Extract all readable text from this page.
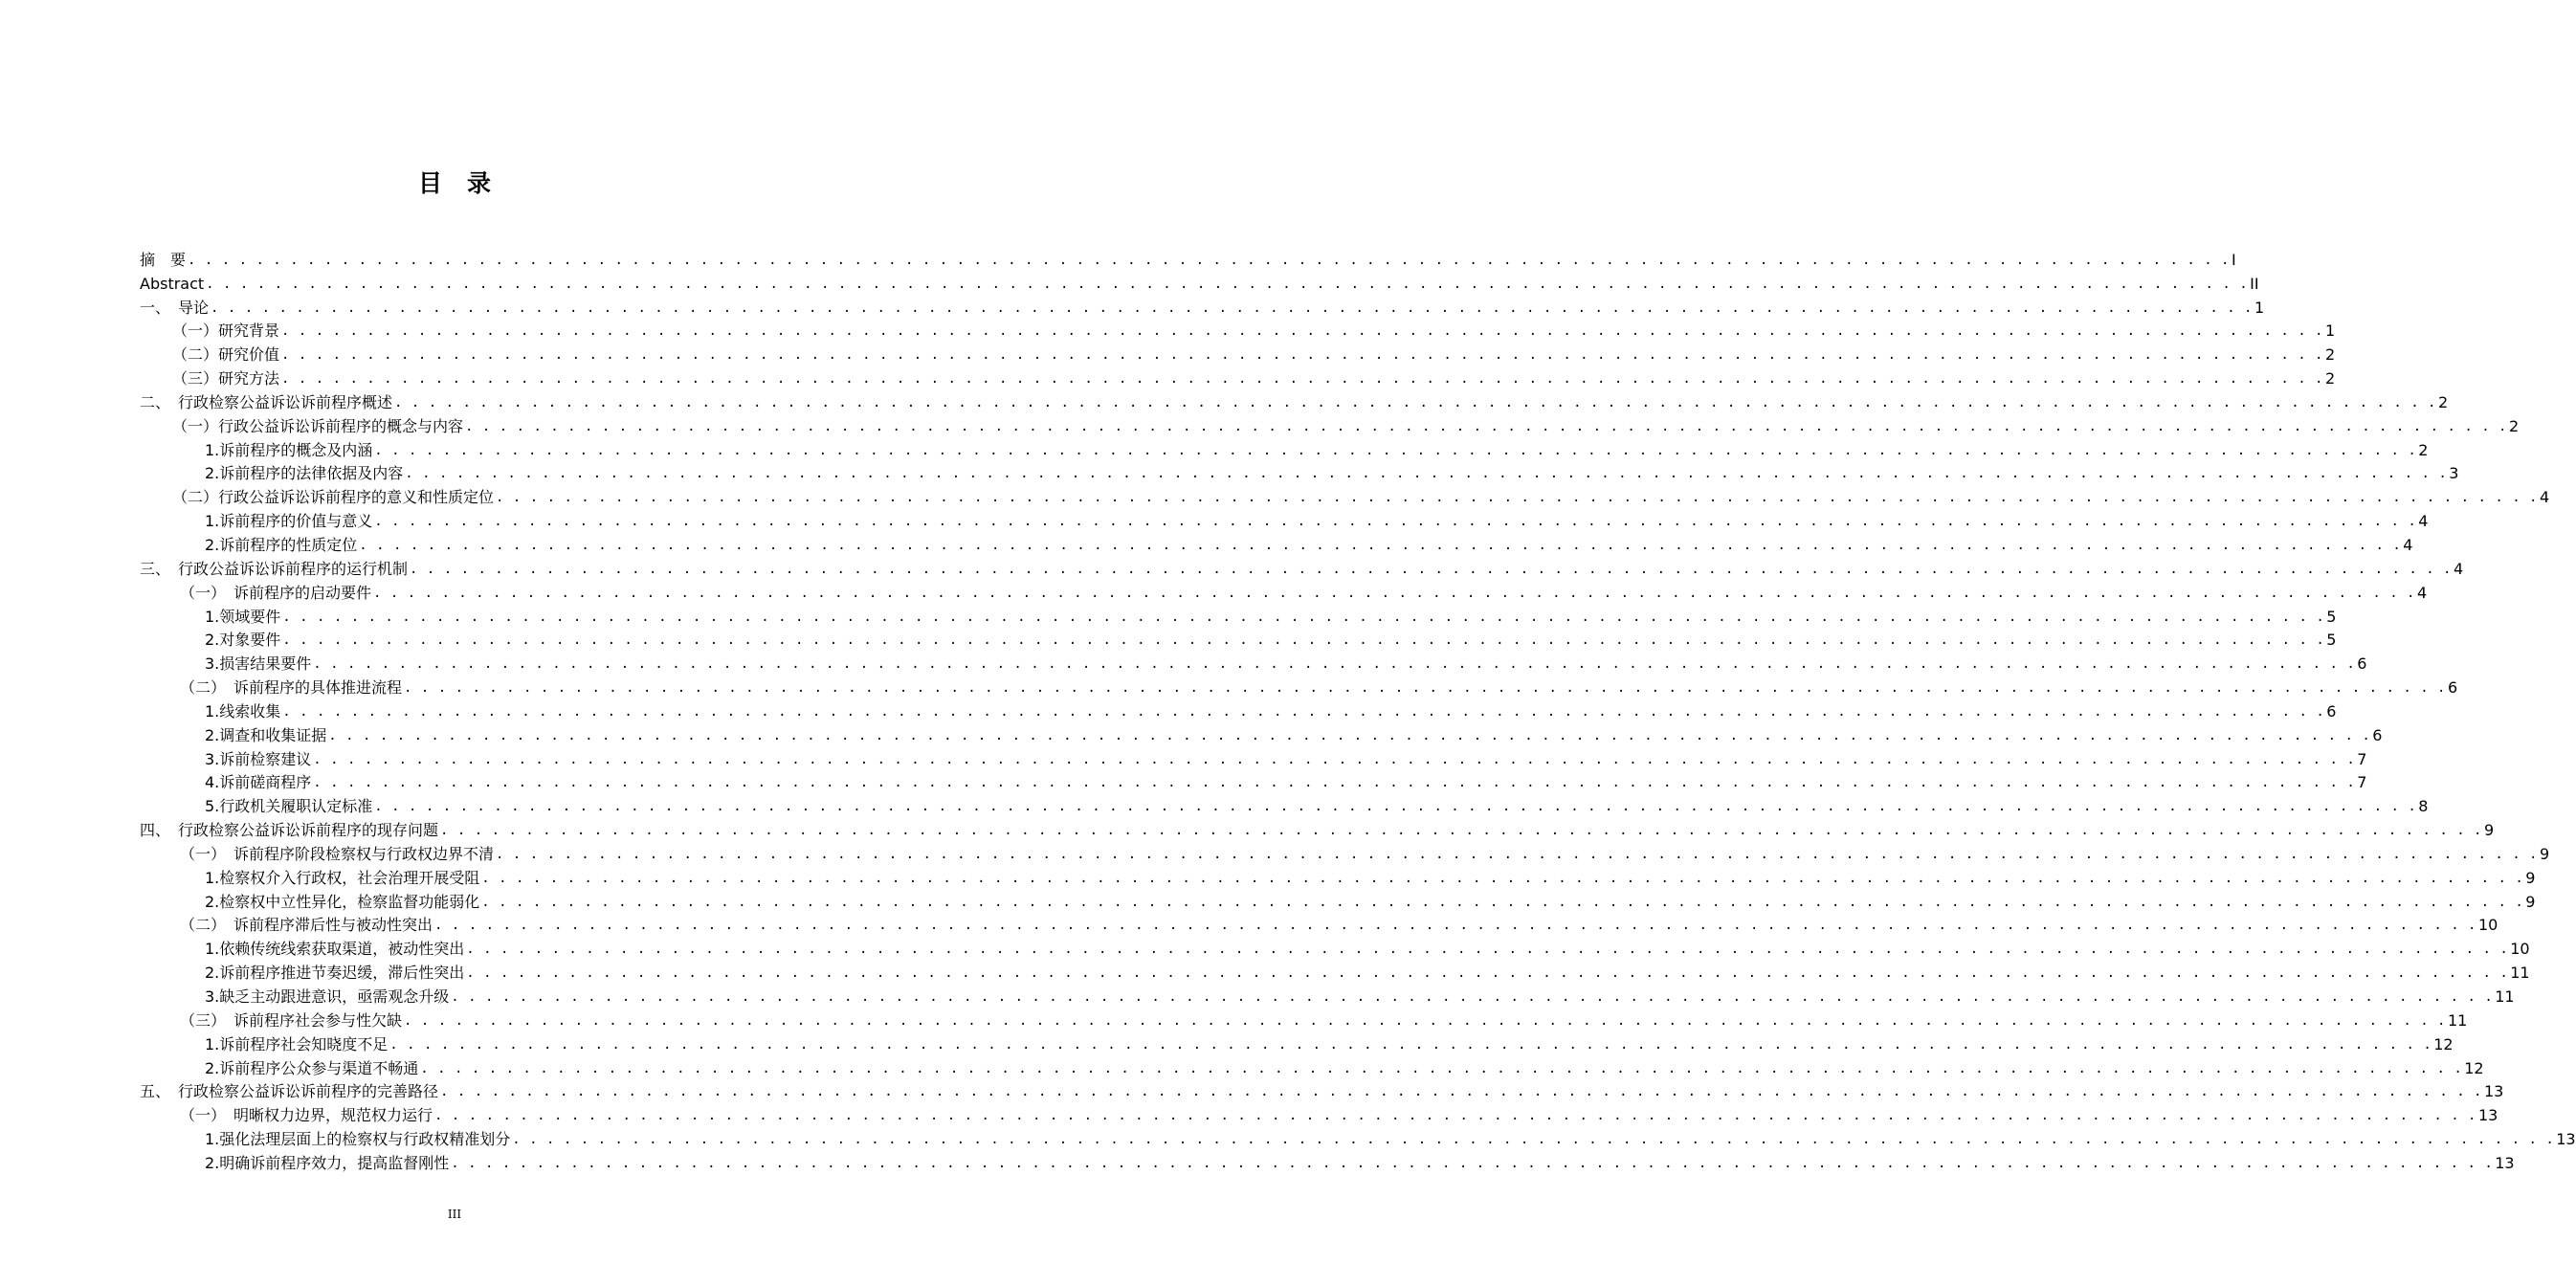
目 录
摘　要 . . . . . . . . . . . . . . . . . . . . . . . . . . . . . . . . . . . . . . . . . . . . . . . . . . . . . . . . . . . . . . . . . . . . . . . . . . . . . . . . . . . . . . . . . . . . . . . . . . . . . . . . . . . . . . . . . . . . . . . . I
Abstract . . . . . . . . . . . . . . . . . . . . . . . . . . . . . . . . . . . . . . . . . . . . . . . . . . . . . . . . . . . . . . . . . . . . . . . . . . . . . . . . . . . . . . . . . . . . . . . . . . . . . . . . . . . . . . . . . . . . . . . . II
一、　导论 . . . . . . . . . . . . . . . . . . . . . . . . . . . . . . . . . . . . . . . . . . . . . . . . . . . . . . . . . . . . . . . . . . . . . . . . . . . . . . . . . . . . . . . . . . . . . . . . . . . . . . . . . . . . . . . . . . . . . . . . 1
（一）研究背景 . . . . . . . . . . . . . . . . . . . . . . . . . . . . . . . . . . . . . . . . . . . . . . . . . . . . . . . . . . . . . . . . . . . . . . . . . . . . . . . . . . . . . . . . . . . . . . . . . . . . . . . . . . . . . . . . . . . . . . . . 1
（二）研究价值 . . . . . . . . . . . . . . . . . . . . . . . . . . . . . . . . . . . . . . . . . . . . . . . . . . . . . . . . . . . . . . . . . . . . . . . . . . . . . . . . . . . . . . . . . . . . . . . . . . . . . . . . . . . . . . . . . . . . . . . . 2
（三）研究方法 . . . . . . . . . . . . . . . . . . . . . . . . . . . . . . . . . . . . . . . . . . . . . . . . . . . . . . . . . . . . . . . . . . . . . . . . . . . . . . . . . . . . . . . . . . . . . . . . . . . . . . . . . . . . . . . . . . . . . . . . 2
二、　行政检察公益诉讼诉前程序概述 . . . . . . . . . . . . . . . . . . . . . . . . . . . . . . . . . . . . . . . . . . . . . . . . . . . . . . . . . . . . . . . . . . . . . . . . . . . . . . . . . . . . . . . . . . . . . . . . . . . . . . . . . . . . . . . . . . . . . . . . 2
（一）行政公益诉讼诉前程序的概念与内容 . . . . . . . . . . . . . . . . . . . . . . . . . . . . . . . . . . . . . . . . . . . . . . . . . . . . . . . . . . . . . . . . . . . . . . . . . . . . . . . . . . . . . . . . . . . . . . . . . . . . . . . . . . . . . . . . . . . . . . . . 2
1.诉前程序的概念及内涵 . . . . . . . . . . . . . . . . . . . . . . . . . . . . . . . . . . . . . . . . . . . . . . . . . . . . . . . . . . . . . . . . . . . . . . . . . . . . . . . . . . . . . . . . . . . . . . . . . . . . . . . . . . . . . . . . . . . . . . . . 2
2.诉前程序的法律依据及内容 . . . . . . . . . . . . . . . . . . . . . . . . . . . . . . . . . . . . . . . . . . . . . . . . . . . . . . . . . . . . . . . . . . . . . . . . . . . . . . . . . . . . . . . . . . . . . . . . . . . . . . . . . . . . . . . . . . . . . . . . 3
（二）行政公益诉讼诉前程序的意义和性质定位 . . . . . . . . . . . . . . . . . . . . . . . . . . . . . . . . . . . . . . . . . . . . . . . . . . . . . . . . . . . . . . . . . . . . . . . . . . . . . . . . . . . . . . . . . . . . . . . . . . . . . . . . . . . . . . . . . . . . . . . . 4
1.诉前程序的价值与意义 . . . . . . . . . . . . . . . . . . . . . . . . . . . . . . . . . . . . . . . . . . . . . . . . . . . . . . . . . . . . . . . . . . . . . . . . . . . . . . . . . . . . . . . . . . . . . . . . . . . . . . . . . . . . . . . . . . . . . . . . 4
2.诉前程序的性质定位 . . . . . . . . . . . . . . . . . . . . . . . . . . . . . . . . . . . . . . . . . . . . . . . . . . . . . . . . . . . . . . . . . . . . . . . . . . . . . . . . . . . . . . . . . . . . . . . . . . . . . . . . . . . . . . . . . . . . . . . . 4
三、　行政公益诉讼诉前程序的运行机制 . . . . . . . . . . . . . . . . . . . . . . . . . . . . . . . . . . . . . . . . . . . . . . . . . . . . . . . . . . . . . . . . . . . . . . . . . . . . . . . . . . . . . . . . . . . . . . . . . . . . . . . . . . . . . . . . . . . . . . . . 4
（一）　诉前程序的启动要件 . . . . . . . . . . . . . . . . . . . . . . . . . . . . . . . . . . . . . . . . . . . . . . . . . . . . . . . . . . . . . . . . . . . . . . . . . . . . . . . . . . . . . . . . . . . . . . . . . . . . . . . . . . . . . . . . . . . . . . . . 4
1.领域要件 . . . . . . . . . . . . . . . . . . . . . . . . . . . . . . . . . . . . . . . . . . . . . . . . . . . . . . . . . . . . . . . . . . . . . . . . . . . . . . . . . . . . . . . . . . . . . . . . . . . . . . . . . . . . . . . . . . . . . . . . 5
2.对象要件 . . . . . . . . . . . . . . . . . . . . . . . . . . . . . . . . . . . . . . . . . . . . . . . . . . . . . . . . . . . . . . . . . . . . . . . . . . . . . . . . . . . . . . . . . . . . . . . . . . . . . . . . . . . . . . . . . . . . . . . . 5
3.损害结果要件 . . . . . . . . . . . . . . . . . . . . . . . . . . . . . . . . . . . . . . . . . . . . . . . . . . . . . . . . . . . . . . . . . . . . . . . . . . . . . . . . . . . . . . . . . . . . . . . . . . . . . . . . . . . . . . . . . . . . . . . . 6
（二）　诉前程序的具体推进流程 . . . . . . . . . . . . . . . . . . . . . . . . . . . . . . . . . . . . . . . . . . . . . . . . . . . . . . . . . . . . . . . . . . . . . . . . . . . . . . . . . . . . . . . . . . . . . . . . . . . . . . . . . . . . . . . . . . . . . . . . 6
1.线索收集 . . . . . . . . . . . . . . . . . . . . . . . . . . . . . . . . . . . . . . . . . . . . . . . . . . . . . . . . . . . . . . . . . . . . . . . . . . . . . . . . . . . . . . . . . . . . . . . . . . . . . . . . . . . . . . . . . . . . . . . . 6
2.调查和收集证据 . . . . . . . . . . . . . . . . . . . . . . . . . . . . . . . . . . . . . . . . . . . . . . . . . . . . . . . . . . . . . . . . . . . . . . . . . . . . . . . . . . . . . . . . . . . . . . . . . . . . . . . . . . . . . . . . . . . . . . . . 6
3.诉前检察建议 . . . . . . . . . . . . . . . . . . . . . . . . . . . . . . . . . . . . . . . . . . . . . . . . . . . . . . . . . . . . . . . . . . . . . . . . . . . . . . . . . . . . . . . . . . . . . . . . . . . . . . . . . . . . . . . . . . . . . . . . 7
4.诉前磋商程序 . . . . . . . . . . . . . . . . . . . . . . . . . . . . . . . . . . . . . . . . . . . . . . . . . . . . . . . . . . . . . . . . . . . . . . . . . . . . . . . . . . . . . . . . . . . . . . . . . . . . . . . . . . . . . . . . . . . . . . . . 7
5.行政机关履职认定标准 . . . . . . . . . . . . . . . . . . . . . . . . . . . . . . . . . . . . . . . . . . . . . . . . . . . . . . . . . . . . . . . . . . . . . . . . . . . . . . . . . . . . . . . . . . . . . . . . . . . . . . . . . . . . . . . . . . . . . . . . 8
四、　行政检察公益诉讼诉前程序的现存问题 . . . . . . . . . . . . . . . . . . . . . . . . . . . . . . . . . . . . . . . . . . . . . . . . . . . . . . . . . . . . . . . . . . . . . . . . . . . . . . . . . . . . . . . . . . . . . . . . . . . . . . . . . . . . . . . . . . . . . . . . 9
（一）　诉前程序阶段检察权与行政权边界不清 . . . . . . . . . . . . . . . . . . . . . . . . . . . . . . . . . . . . . . . . . . . . . . . . . . . . . . . . . . . . . . . . . . . . . . . . . . . . . . . . . . . . . . . . . . . . . . . . . . . . . . . . . . . . . . . . . . . . . . . . 9
1.检察权介入行政权，社会治理开展受阻 . . . . . . . . . . . . . . . . . . . . . . . . . . . . . . . . . . . . . . . . . . . . . . . . . . . . . . . . . . . . . . . . . . . . . . . . . . . . . . . . . . . . . . . . . . . . . . . . . . . . . . . . . . . . . . . . . . . . . . . . 9
2.检察权中立性异化，检察监督功能弱化 . . . . . . . . . . . . . . . . . . . . . . . . . . . . . . . . . . . . . . . . . . . . . . . . . . . . . . . . . . . . . . . . . . . . . . . . . . . . . . . . . . . . . . . . . . . . . . . . . . . . . . . . . . . . . . . . . . . . . . . . 9
（二）　诉前程序滞后性与被动性突出 . . . . . . . . . . . . . . . . . . . . . . . . . . . . . . . . . . . . . . . . . . . . . . . . . . . . . . . . . . . . . . . . . . . . . . . . . . . . . . . . . . . . . . . . . . . . . . . . . . . . . . . . . . . . . . . . . . . . . . . . 10
1.依赖传统线索获取渠道，被动性突出 . . . . . . . . . . . . . . . . . . . . . . . . . . . . . . . . . . . . . . . . . . . . . . . . . . . . . . . . . . . . . . . . . . . . . . . . . . . . . . . . . . . . . . . . . . . . . . . . . . . . . . . . . . . . . . . . . . . . . . . . 10
2.诉前程序推进节奏迟缓，滞后性突出 . . . . . . . . . . . . . . . . . . . . . . . . . . . . . . . . . . . . . . . . . . . . . . . . . . . . . . . . . . . . . . . . . . . . . . . . . . . . . . . . . . . . . . . . . . . . . . . . . . . . . . . . . . . . . . . . . . . . . . . . 11
3.缺乏主动跟进意识，亟需观念升级 . . . . . . . . . . . . . . . . . . . . . . . . . . . . . . . . . . . . . . . . . . . . . . . . . . . . . . . . . . . . . . . . . . . . . . . . . . . . . . . . . . . . . . . . . . . . . . . . . . . . . . . . . . . . . . . . . . . . . . . . 11
（三）　诉前程序社会参与性欠缺 . . . . . . . . . . . . . . . . . . . . . . . . . . . . . . . . . . . . . . . . . . . . . . . . . . . . . . . . . . . . . . . . . . . . . . . . . . . . . . . . . . . . . . . . . . . . . . . . . . . . . . . . . . . . . . . . . . . . . . . . 11
1.诉前程序社会知晓度不足 . . . . . . . . . . . . . . . . . . . . . . . . . . . . . . . . . . . . . . . . . . . . . . . . . . . . . . . . . . . . . . . . . . . . . . . . . . . . . . . . . . . . . . . . . . . . . . . . . . . . . . . . . . . . . . . . . . . . . . . . 12
2.诉前程序公众参与渠道不畅通 . . . . . . . . . . . . . . . . . . . . . . . . . . . . . . . . . . . . . . . . . . . . . . . . . . . . . . . . . . . . . . . . . . . . . . . . . . . . . . . . . . . . . . . . . . . . . . . . . . . . . . . . . . . . . . . . . . . . . . . . 12
五、　行政检察公益诉讼诉前程序的完善路径 . . . . . . . . . . . . . . . . . . . . . . . . . . . . . . . . . . . . . . . . . . . . . . . . . . . . . . . . . . . . . . . . . . . . . . . . . . . . . . . . . . . . . . . . . . . . . . . . . . . . . . . . . . . . . . . . . . . . . . . . 13
（一）　明晰权力边界，规范权力运行 . . . . . . . . . . . . . . . . . . . . . . . . . . . . . . . . . . . . . . . . . . . . . . . . . . . . . . . . . . . . . . . . . . . . . . . . . . . . . . . . . . . . . . . . . . . . . . . . . . . . . . . . . . . . . . . . . . . . . . . . 13
1.强化法理层面上的检察权与行政权精准划分 . . . . . . . . . . . . . . . . . . . . . . . . . . . . . . . . . . . . . . . . . . . . . . . . . . . . . . . . . . . . . . . . . . . . . . . . . . . . . . . . . . . . . . . . . . . . . . . . . . . . . . . . . . . . . . . . . . . . . . . . 13
2.明确诉前程序效力，提高监督刚性 . . . . . . . . . . . . . . . . . . . . . . . . . . . . . . . . . . . . . . . . . . . . . . . . . . . . . . . . . . . . . . . . . . . . . . . . . . . . . . . . . . . . . . . . . . . . . . . . . . . . . . . . . . . . . . . . . . . . . . . . 13
III
